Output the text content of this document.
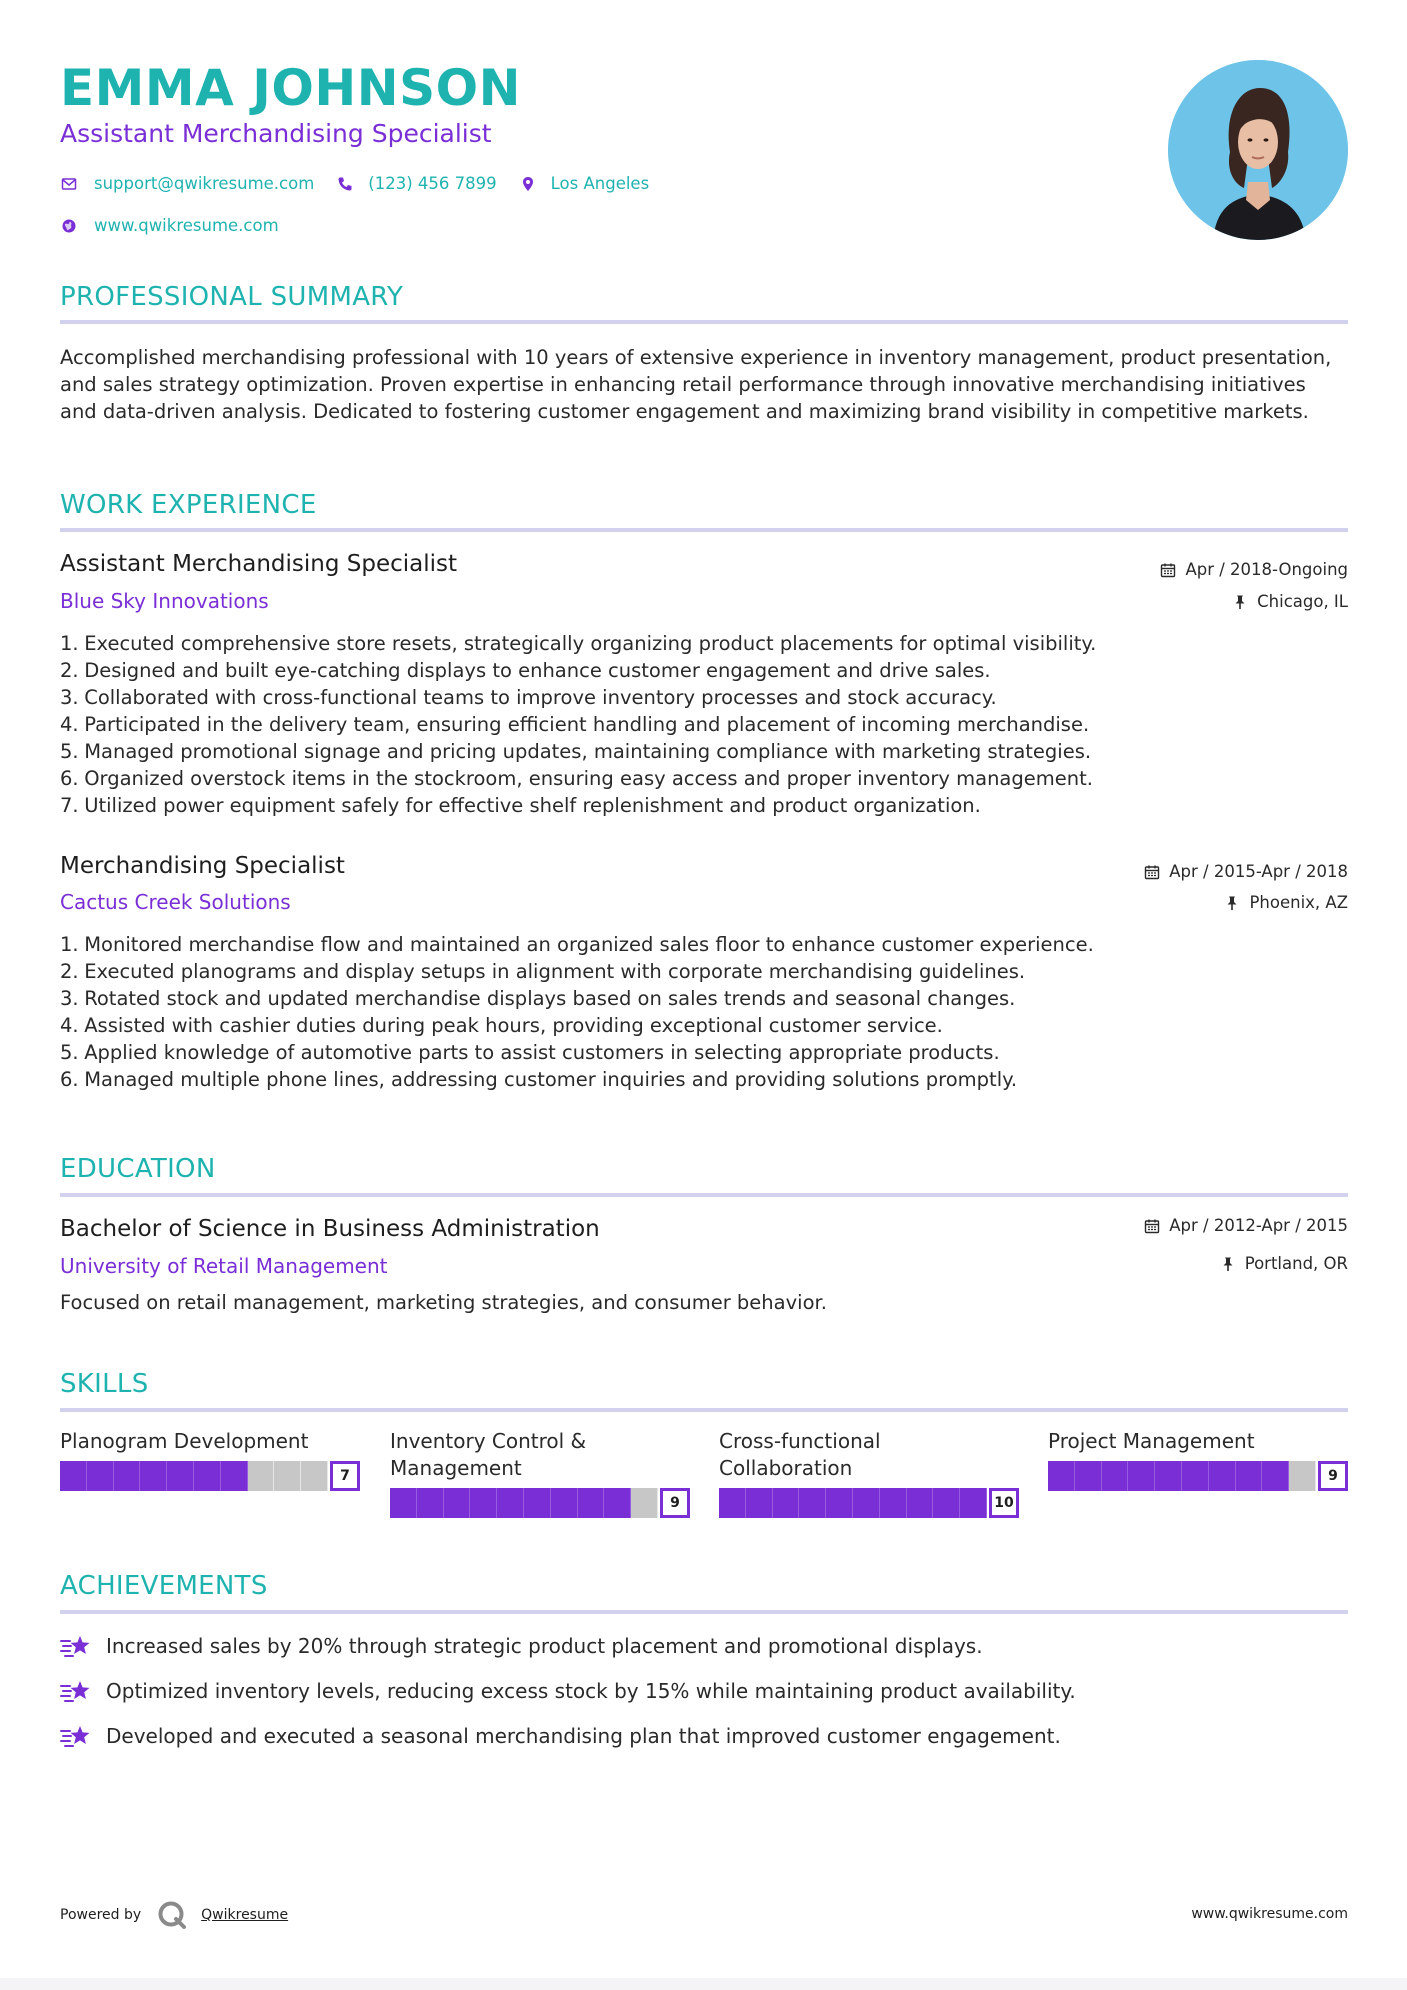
EMMA JOHNSON
Assistant Merchandising Specialist
support@qwikresume.com	(123) 456 7899	Los Angeles
www.qwikresume.com
PROFESSIONAL SUMMARY
Accomplished merchandising professional with 10 years of extensive experience in inventory management, product presentation, and sales strategy optimization. Proven expertise in enhancing retail performance through innovative merchandising initiatives and data-driven analysis. Dedicated to fostering customer engagement and maximizing brand visibility in competitive markets.
WORK EXPERIENCE
Assistant Merchandising Specialist
Blue Sky Innovations
Apr / 2018-Ongoing
Chicago, IL
1.
Executed comprehensive store resets, strategically organizing product placements for optimal visibility.
2.
Designed and built eye-catching displays to enhance customer engagement and drive sales.
3.
Collaborated with cross-functional teams to improve inventory processes and stock accuracy.
4.
Participated in the delivery team, ensuring efficient handling and placement of incoming merchandise.
5.
Managed promotional signage and pricing updates, maintaining compliance with marketing strategies.
6.
Organized overstock items in the stockroom, ensuring easy access and proper inventory management.
7.
Utilized power equipment safely for effective shelf replenishment and product organization.
Merchandising Specialist
Cactus Creek Solutions
Apr / 2015-Apr / 2018
Phoenix, AZ
1.
Monitored merchandise flow and maintained an organized sales floor to enhance customer experience.
2.
Executed planograms and display setups in alignment with corporate merchandising guidelines.
3.
Rotated stock and updated merchandise displays based on sales trends and seasonal changes.
4.
Assisted with cashier duties during peak hours, providing exceptional customer service.
5.
Applied knowledge of automotive parts to assist customers in selecting appropriate products.
6.
Managed multiple phone lines, addressing customer inquiries and providing solutions promptly.
EDUCATION
Bachelor of Science in Business Administration
University of Retail Management
Apr / 2012-Apr / 2015
Portland, OR
Focused on retail management, marketing strategies, and consumer behavior.
SKILLS
Planogram Development
7
Inventory Control & Management
9
Cross-functional Collaboration
10
Project Management
9
ACHIEVEMENTS
Increased sales by 20% through strategic product placement and promotional displays.
Optimized inventory levels, reducing excess stock by 15% while maintaining product availability.
Developed and executed a seasonal merchandising plan that improved customer engagement.
Powered by	Qwikresume	www.qwikresume.com
